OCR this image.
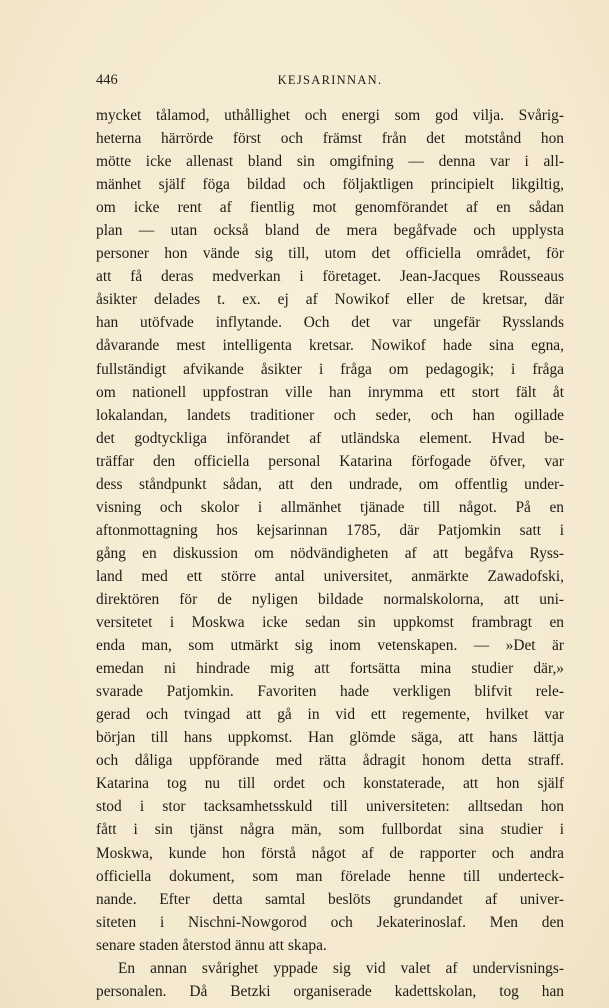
446	KEJSARINNAN.
mycket tålamod, uthållighet och energi som god vilja. Svårig-
heterna härrörde först och främst från det motstånd hon
mötte icke allenast bland sin omgifning — denna var i all-
mänhet själf föga bildad och följaktligen principielt likgiltig,
om icke rent af fientlig mot genomförandet af en sådan
plan — utan också bland de mera begåfvade och upplysta
personer hon vände sig till, utom det officiella området, för
att få deras medverkan i företaget. Jean-Jacques Rousseaus
åsikter delades t. ex. ej af Nowikof eller de kretsar, där
han utöfvade inflytande. Och det var ungefär Rysslands
dåvarande mest intelligenta kretsar. Nowikof hade sina egna,
fullständigt afvikande åsikter i fråga om pedagogik; i fråga
om nationell uppfostran ville han inrymma ett stort fält åt
lokalandan, landets traditioner och seder, och han ogillade
det godtyckliga införandet af utländska element. Hvad be-
träffar den officiella personal Katarina förfogade öfver, var
dess ståndpunkt sådan, att den undrade, om offentlig under-
visning och skolor i allmänhet tjänade till något. På en
aftonmottagning hos kejsarinnan 1785, där Patjomkin satt i
gång en diskussion om nödvändigheten af att begåfva Ryss-
land med ett större antal universitet, anmärkte Zawadofski,
direktören för de nyligen bildade normalskolorna, att uni-
versitetet i Moskwa icke sedan sin uppkomst frambragt en
enda man, som utmärkt sig inom vetenskapen. — »Det är
emedan ni hindrade mig att fortsätta mina studier där,»
svarade Patjomkin. Favoriten hade verkligen blifvit rele-
gerad och tvingad att gå in vid ett regemente, hvilket var
början till hans uppkomst. Han glömde säga, att hans lättja
och dåliga uppförande med rätta ådragit honom detta straff.
Katarina tog nu till ordet och konstaterade, att hon själf
stod i stor tacksamhetsskuld till universiteten: alltsedan hon
fått i sin tjänst några män, som fullbordat sina studier i
Moskwa, kunde hon förstå något af de rapporter och andra
officiella dokument, som man förelade henne till underteck-
nande. Efter detta samtal beslöts grundandet af univer-
siteten i Nischni-Nowgorod och Jekaterinoslaf. Men den
senare staden återstod ännu att skapa.
En annan svårighet yppade sig vid valet af undervisnings-
personalen. Då Betzki organiserade kadettskolan, tog han
